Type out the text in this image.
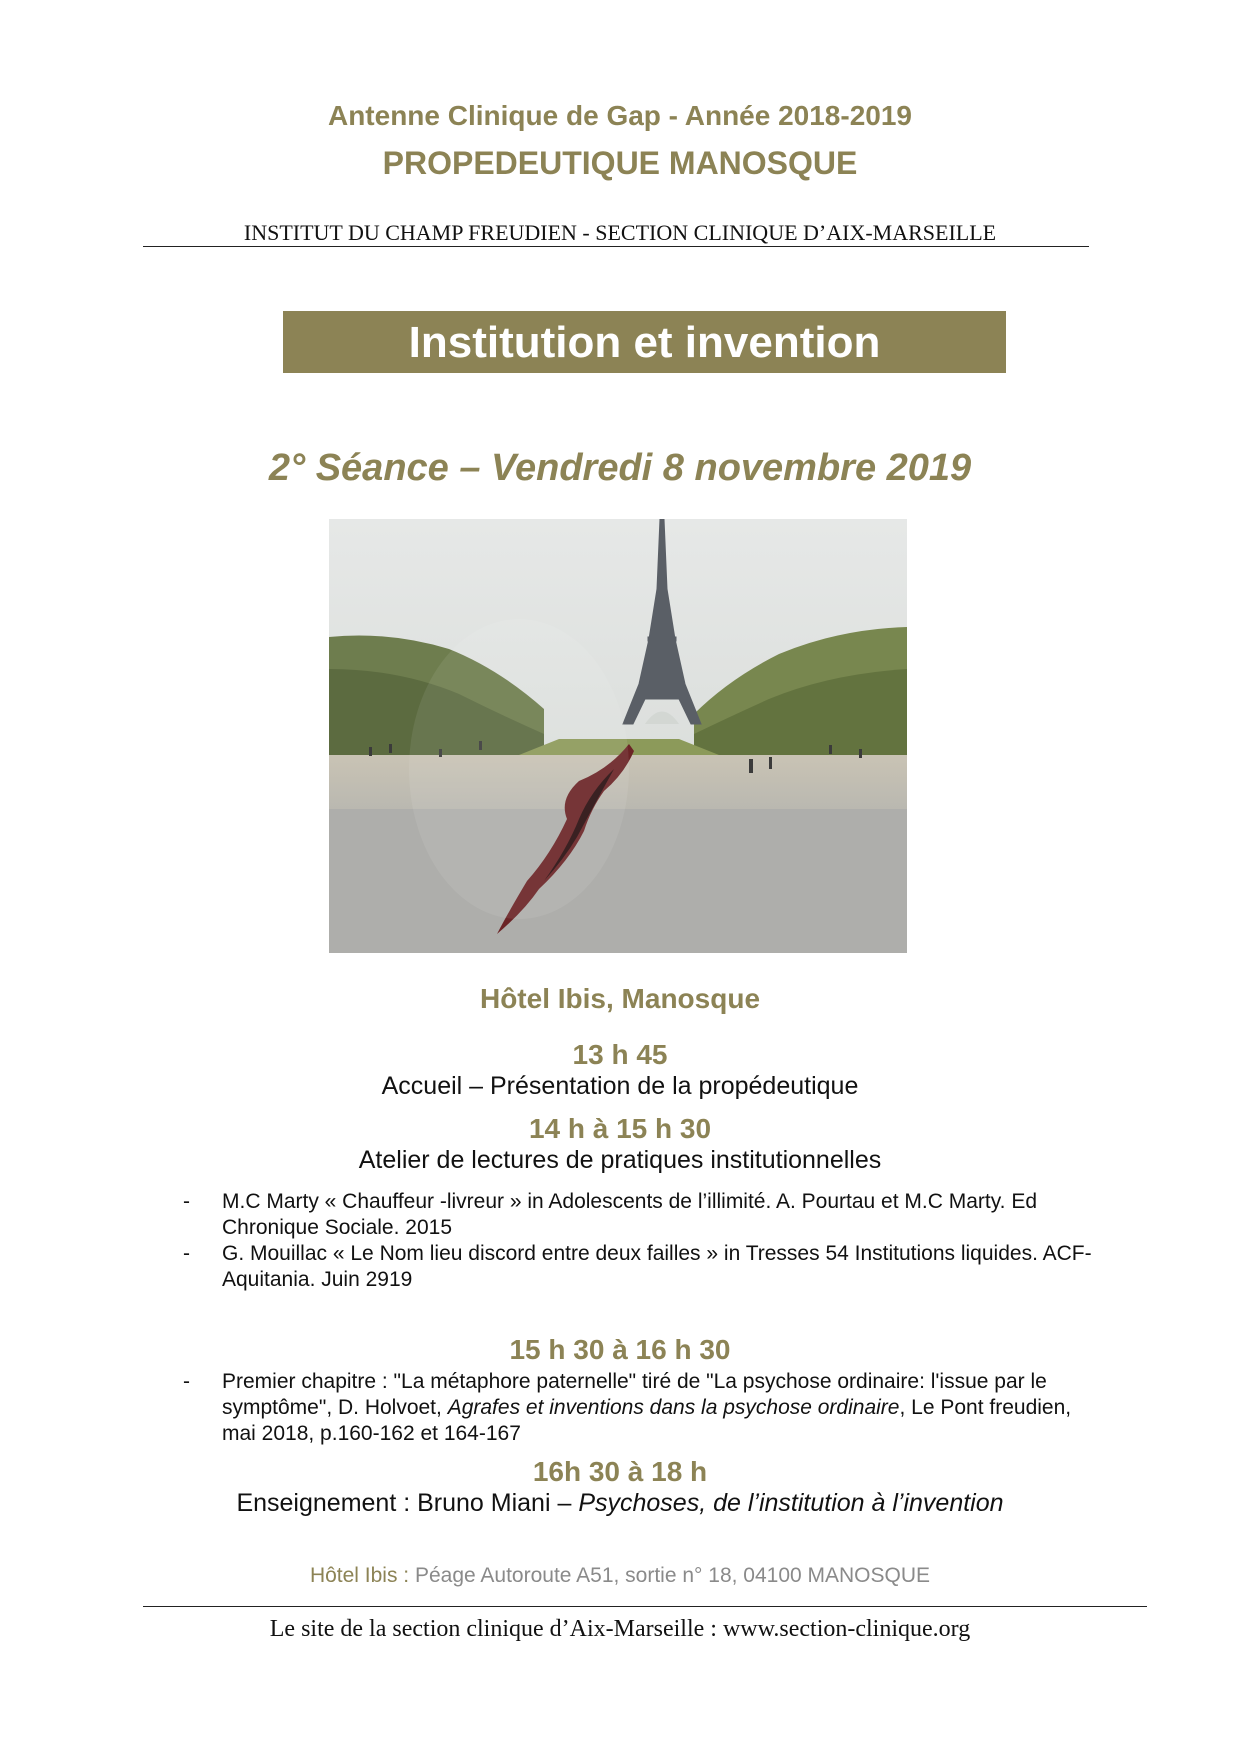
Antenne Clinique de Gap - Année 2018-2019
PROPEDEUTIQUE MANOSQUE
INSTITUT DU CHAMP FREUDIEN - SECTION CLINIQUE D’AIX-MARSEILLE
Institution et invention
2° Séance – Vendredi 8 novembre 2019
Hôtel Ibis, Manosque
13 h 45
Accueil – Présentation de la propédeutique
14 h à 15 h 30
Atelier de lectures de pratiques institutionnelles
- M.C Marty « Chauffeur -livreur » in Adolescents de l’illimité. A. Pourtau et M.C Marty. Ed Chronique Sociale. 2015
- G. Mouillac « Le Nom lieu discord entre deux failles » in Tresses 54 Institutions liquides. ACF-Aquitania. Juin 2919
15 h 30 à 16 h 30
- Premier chapitre : "La métaphore paternelle" tiré de "La psychose ordinaire: l'issue par le symptôme", D. Holvoet, Agrafes et inventions dans la psychose ordinaire, Le Pont freudien, mai 2018, p.160-162 et 164-167
16h 30 à 18 h
Enseignement : Bruno Miani – Psychoses, de l’institution à l’invention
Hôtel Ibis : Péage Autoroute A51, sortie n° 18, 04100 MANOSQUE
Le site de la section clinique d’Aix-Marseille : www.section-clinique.org
